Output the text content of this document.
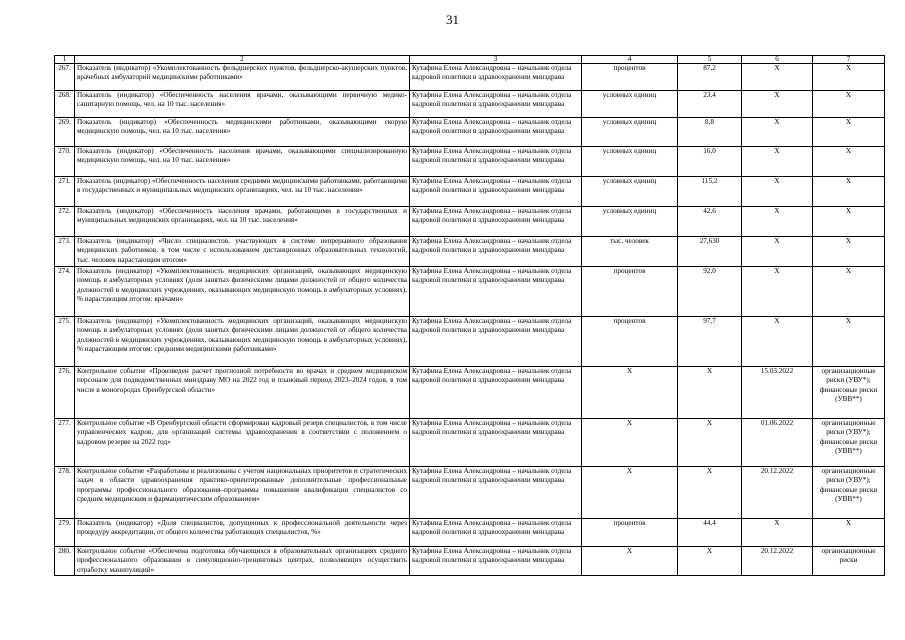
31
1	2	3	4	5	6	7
267.	Показатель (индикатор) «Укомплектованность фельдшерских пунктов, фельдшерско-акушерских пунктов, врачебных амбулаторий медицинскими работниками»	Кутафина Елена Александровна – начальник отдела кадровой политики в здравоохранении минздрава	процентов	87,2	Х	Х
268.	Показатель (индикатор) «Обеспеченность населения врачами, оказывающими первичную медико-санитарную помощь, чел. на 10 тыс. населения»	Кутафина Елена Александровна – начальник отдела кадровой политики в здравоохранении минздрава	условных единиц	23,4	Х	Х
269.	Показатель (индикатор) «Обеспеченность медицинскими работниками, оказывающими скорую медицинскую помощь, чел. на 10 тыс. населения»	Кутафина Елена Александровна – начальник отдела кадровой политики в здравоохранении минздрава	условных единиц	8,8	Х	Х
270.	Показатель (индикатор) «Обеспеченность населения врачами, оказывающими специализированную медицинскую помощь, чел. на 10 тыс. населения»	Кутафина Елена Александровна – начальник отдела кадровой политики в здравоохранении минздрава	условных единиц	16,0	Х	Х
271.	Показатель (индикатор) «Обеспеченность населения средними медицинскими работниками, работающими в государственных и муниципальных медицинских организациях, чел. на 10 тыс. населения»	Кутафина Елена Александровна – начальник отдела кадровой политики в здравоохранении минздрава	условных единиц	115,2	Х	Х
272.	Показатель (индикатор) «Обеспеченность населения врачами, работающими в государственных и муниципальных медицинских организациях, чел. на 10 тыс. населения»	Кутафина Елена Александровна – начальник отдела кадровой политики в здравоохранении минздрава	условных единиц	42,6	Х	Х
273.	Показатель (индикатор) «Число специалистов, участвующих в системе непрерывного образования медицинских работников, в том числе с использованием дистанционных образовательных технологий, тыс. человек нарастающим итогом»	Кутафина Елена Александровна – начальник отдела кадровой политики в здравоохранении минздрава	тыс. человек	27,630	Х	Х
274.	Показатель (индикатор) «Укомплектованность медицинских организаций, оказывающих медицинскую помощь в амбулаторных условиях (доля занятых физическими лицами должностей от общего количества должностей в медицинских учреждениях, оказывающих медицинскую помощь в амбулаторных условиях), % нарастающим итогом: врачами»	Кутафина Елена Александровна – начальник отдела кадровой политики в здравоохранении минздрава	процентов	92,0	Х	Х
275.	Показатель (индикатор) «Укомплектованность медицинских организаций, оказывающих медицинскую помощь в амбулаторных условиях (доля занятых физическими лицами должностей от общего количества должностей в медицинских учреждениях, оказывающих медицинскую помощь в амбулаторных условиях), % нарастающим итогом: средними медицинскими работниками»	Кутафина Елена Александровна – начальник отдела кадровой политики в здравоохранении минздрава	процентов	97,7	Х	Х
276.	Контрольное событие «Произведен расчет прогнозной потребности во врачах и среднем медицинском персонале для подведомственных минздраву МО на 2022 год и плановый период 2023–2024 годов, в том числе в моногородах Оренбургской области»	Кутафина Елена Александровна – начальник отдела кадровой политики в здравоохранении минздрава	Х	Х	15.03.2022	организационные риски (УВУ*); финансовые риски (УВВ**)
277.	Контрольное событие «В Оренбургской области сформирован кадровый резерв специалистов, в том числе управленческих кадров, для организаций системы здравоохранения в соответствии с положением о кадровом резерве на 2022 год»	Кутафина Елена Александровна – начальник отдела кадровой политики в здравоохранении минздрава	Х	Х	01.06.2022	организационные риски (УВУ*); финансовые риски (УВВ**)
278.	Контрольное событие «Разработаны и реализованы с учетом национальных приоритетов и стратегических задач в области здравоохранения практико-ориентированные дополнительные профессиональные программы профессионального образования–программы повышения квалификации специалистов со средним медицинским и фармацевтическим образованием»	Кутафина Елена Александровна – начальник отдела кадровой политики в здравоохранении минздрава	Х	Х	20.12.2022	организационные риски (УВУ*); финансовые риски (УВВ**)
279.	Показатель (индикатор) «Доля специалистов, допущенных к профессиональной деятельности через процедуру аккредитации, от общего количества работающих специалистов, %»	Кутафина Елена Александровна – начальник отдела кадровой политики в здравоохранении минздрава	процентов	44,4	Х	Х
280.	Контрольное событие «Обеспечена подготовка обучающихся в образовательных организациях среднего профессионального образования в симуляционно-тренинговых центрах, позволяющих осуществить отработку манипуляций»	Кутафина Елена Александровна – начальник отдела кадровой политики в здравоохранении минздрава	Х	Х	20.12.2022	организационные риски
